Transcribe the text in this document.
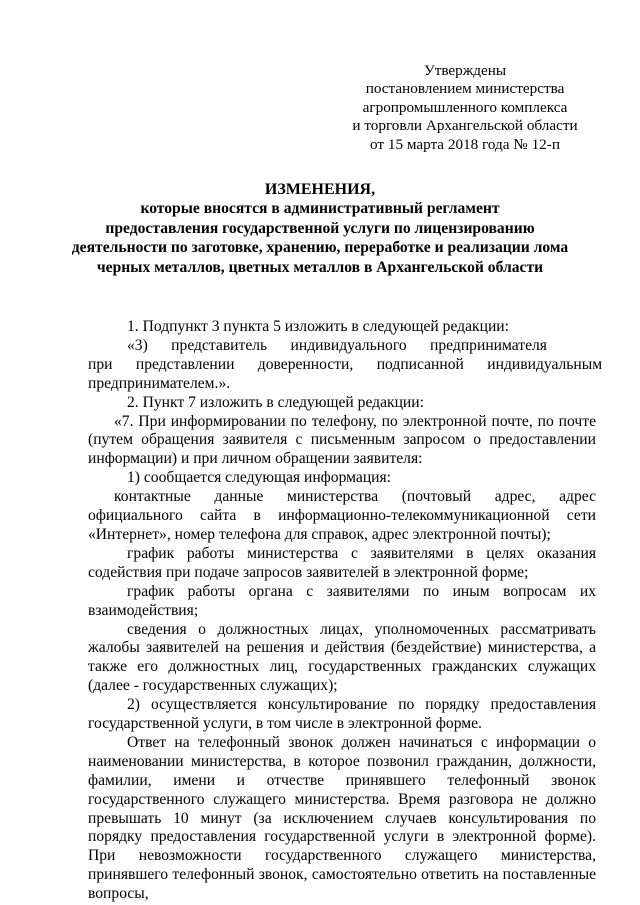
Утверждены
постановлением министерства
агропромышленного комплекса
и торговли Архангельской области
от 15 марта 2018 года № 12-п
ИЗМЕНЕНИЯ,
которые вносятся в административный регламент
предоставления государственной услуги по лицензированию
деятельности по заготовке, хранению, переработке и реализации лома
черных металлов, цветных металлов в Архангельской области

1. Подпункт 3 пункта 5 изложить в следующей редакции:

«3)      представитель      индивидуального      предпринимателя

при      представлении      доверенности,      подписанной      индивидуальным

предпринимателем.».

2. Пункт 7 изложить в следующей редакции:

«7. При информировании по телефону, по электронной почте, по почте (путем обращения заявителя с письменным запросом о предоставлении информации) и при личном обращении заявителя:

1) сообщается следующая информация:

контактные данные министерства (почтовый адрес, адрес официального сайта в информационно-телекоммуникационной сети «Интернет», номер телефона для справок, адрес электронной почты);

график работы министерства с заявителями в целях оказания содействия при подаче запросов заявителей в электронной форме;

график работы органа с заявителями по иным вопросам их взаимодействия;

сведения о должностных лицах, уполномоченных рассматривать жалобы заявителей на решения и действия (бездействие) министерства, а также его должностных лиц, государственных гражданских служащих (далее - государственных служащих);

2) осуществляется консультирование по порядку предоставления государственной услуги, в том числе в электронной форме.

Ответ на телефонный звонок должен начинаться с информации о наименовании министерства, в которое позвонил гражданин, должности, фамилии, имени и отчестве принявшего телефонный звонок государственного служащего министерства. Время разговора не должно превышать 10 минут (за исключением случаев консультирования по порядку предоставления государственной услуги в электронной форме). При невозможности государственного служащего министерства, принявшего телефонный звонок, самостоятельно ответить на поставленные вопросы,
